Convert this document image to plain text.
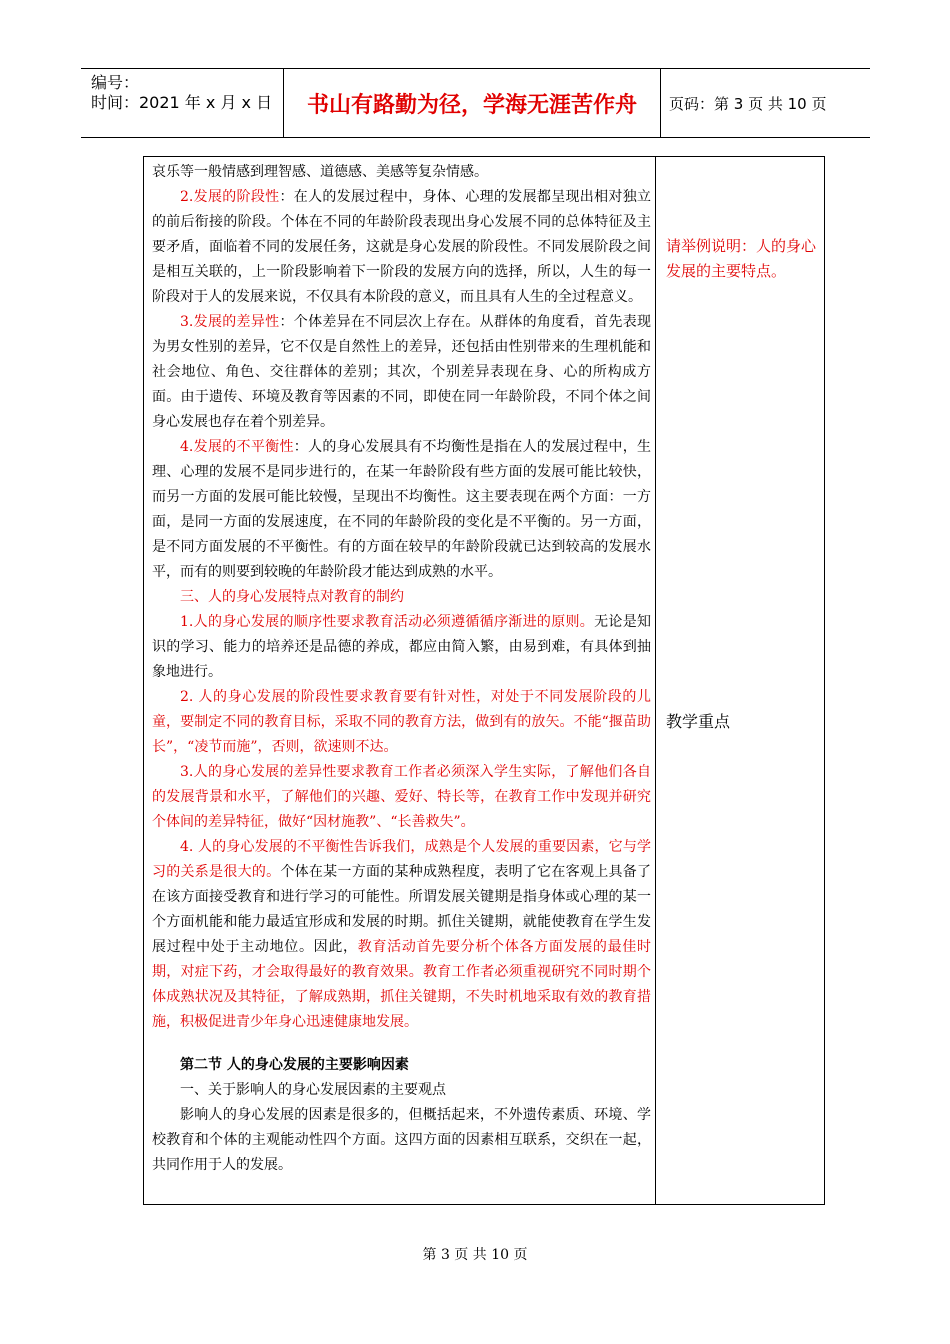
编号：
时间：2021 年 x 月 x 日	书山有路勤为径，学海无涯苦作舟	页码：第 3 页 共 10 页

哀乐等一般情感到理智感、道德感、美感等复杂情感。

2.发展的阶段性：在人的发展过程中，身体、心理的发展都呈现出相对独立的前后衔接的阶段。个体在不同的年龄阶段表现出身心发展不同的总体特征及主要矛盾，面临着不同的发展任务，这就是身心发展的阶段性。不同发展阶段之间是相互关联的，上一阶段影响着下一阶段的发展方向的选择，所以，人生的每一阶段对于人的发展来说，不仅具有本阶段的意义，而且具有人生的全过程意义。

3.发展的差异性：个体差异在不同层次上存在。从群体的角度看，首先表现为男女性别的差异，它不仅是自然性上的差异，还包括由性别带来的生理机能和社会地位、角色、交往群体的差别；其次，个别差异表现在身、心的所构成方面。由于遗传、环境及教育等因素的不同，即使在同一年龄阶段，不同个体之间身心发展也存在着个别差异。

4.发展的不平衡性：人的身心发展具有不均衡性是指在人的发展过程中，生理、心理的发展不是同步进行的，在某一年龄阶段有些方面的发展可能比较快，而另一方面的发展可能比较慢，呈现出不均衡性。这主要表现在两个方面：一方面，是同一方面的发展速度，在不同的年龄阶段的变化是不平衡的。另一方面，是不同方面发展的不平衡性。有的方面在较早的年龄阶段就已达到较高的发展水平，而有的则要到较晚的年龄阶段才能达到成熟的水平。

三、人的身心发展特点对教育的制约

1.人的身心发展的顺序性要求教育活动必须遵循循序渐进的原则。无论是知识的学习、能力的培养还是品德的养成，都应由简入繁，由易到难，有具体到抽象地进行。

2. 人的身心发展的阶段性要求教育要有针对性，对处于不同发展阶段的儿童，要制定不同的教育目标，采取不同的教育方法，做到有的放矢。不能“揠苗助长”，“凌节而施”，否则，欲速则不达。

3.人的身心发展的差异性要求教育工作者必须深入学生实际，了解他们各自的发展背景和水平，了解他们的兴趣、爱好、特长等，在教育工作中发现并研究个体间的差异特征，做好“因材施教”、“长善救失”。

4. 人的身心发展的不平衡性告诉我们，成熟是个人发展的重要因素，它与学习的关系是很大的。个体在某一方面的某种成熟程度，表明了它在客观上具备了在该方面接受教育和进行学习的可能性。所谓发展关键期是指身体或心理的某一个方面机能和能力最适宜形成和发展的时期。抓住关键期，就能使教育在学生发展过程中处于主动地位。因此，教育活动首先要分析个体各方面发展的最佳时期，对症下药，才会取得最好的教育效果。教育工作者必须重视研究不同时期个体成熟状况及其特征，了解成熟期，抓住关键期，不失时机地采取有效的教育措施，积极促进青少年身心迅速健康地发展。

第二节 人的身心发展的主要影响因素

一、关于影响人的身心发展因素的主要观点

影响人的身心发展的因素是很多的，但概括起来，不外遗传素质、环境、学校教育和个体的主观能动性四个方面。这四方面的因素相互联系，交织在一起，共同作用于人的发展。

请举例说明：人的身心发展的主要特点。
教学重点
第 3 页 共 10 页
